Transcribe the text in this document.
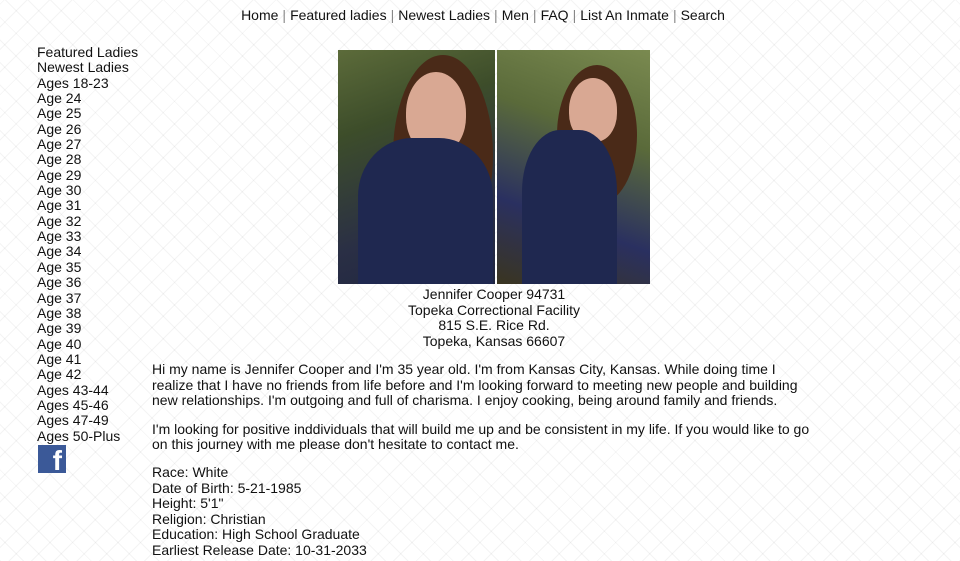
Home | Featured ladies | Newest Ladies | Men | FAQ | List An Inmate | Search
Featured Ladies
Newest Ladies
Ages 18-23
Age 24
Age 25
Age 26
Age 27
Age 28
Age 29
Age 30
Age 31
Age 32
Age 33
Age 34
Age 35
Age 36
Age 37
Age 38
Age 39
Age 40
Age 41
Age 42
Ages 43-44
Ages 45-46
Ages 47-49
Ages 50-Plus
f
Jennifer Cooper 94731
Topeka Correctional Facility
815 S.E. Rice Rd.
Topeka, Kansas 66607

Hi my name is Jennifer Cooper and I'm 35 year old. I'm from Kansas City, Kansas. While doing time I realize that I have no friends from life before and I'm looking forward to meeting new people and building new relationships. I'm outgoing and full of charisma. I enjoy cooking, being around family and friends.

I'm looking for positive inddividuals that will build me up and be consistent in my life. If you would like to go on this journey with me please don't hesitate to contact me.

Race: White
Date of Birth: 5-21-1985
Height: 5'1"
Religion: Christian
Education: High School Graduate
Earliest Release Date: 10-31-2033
